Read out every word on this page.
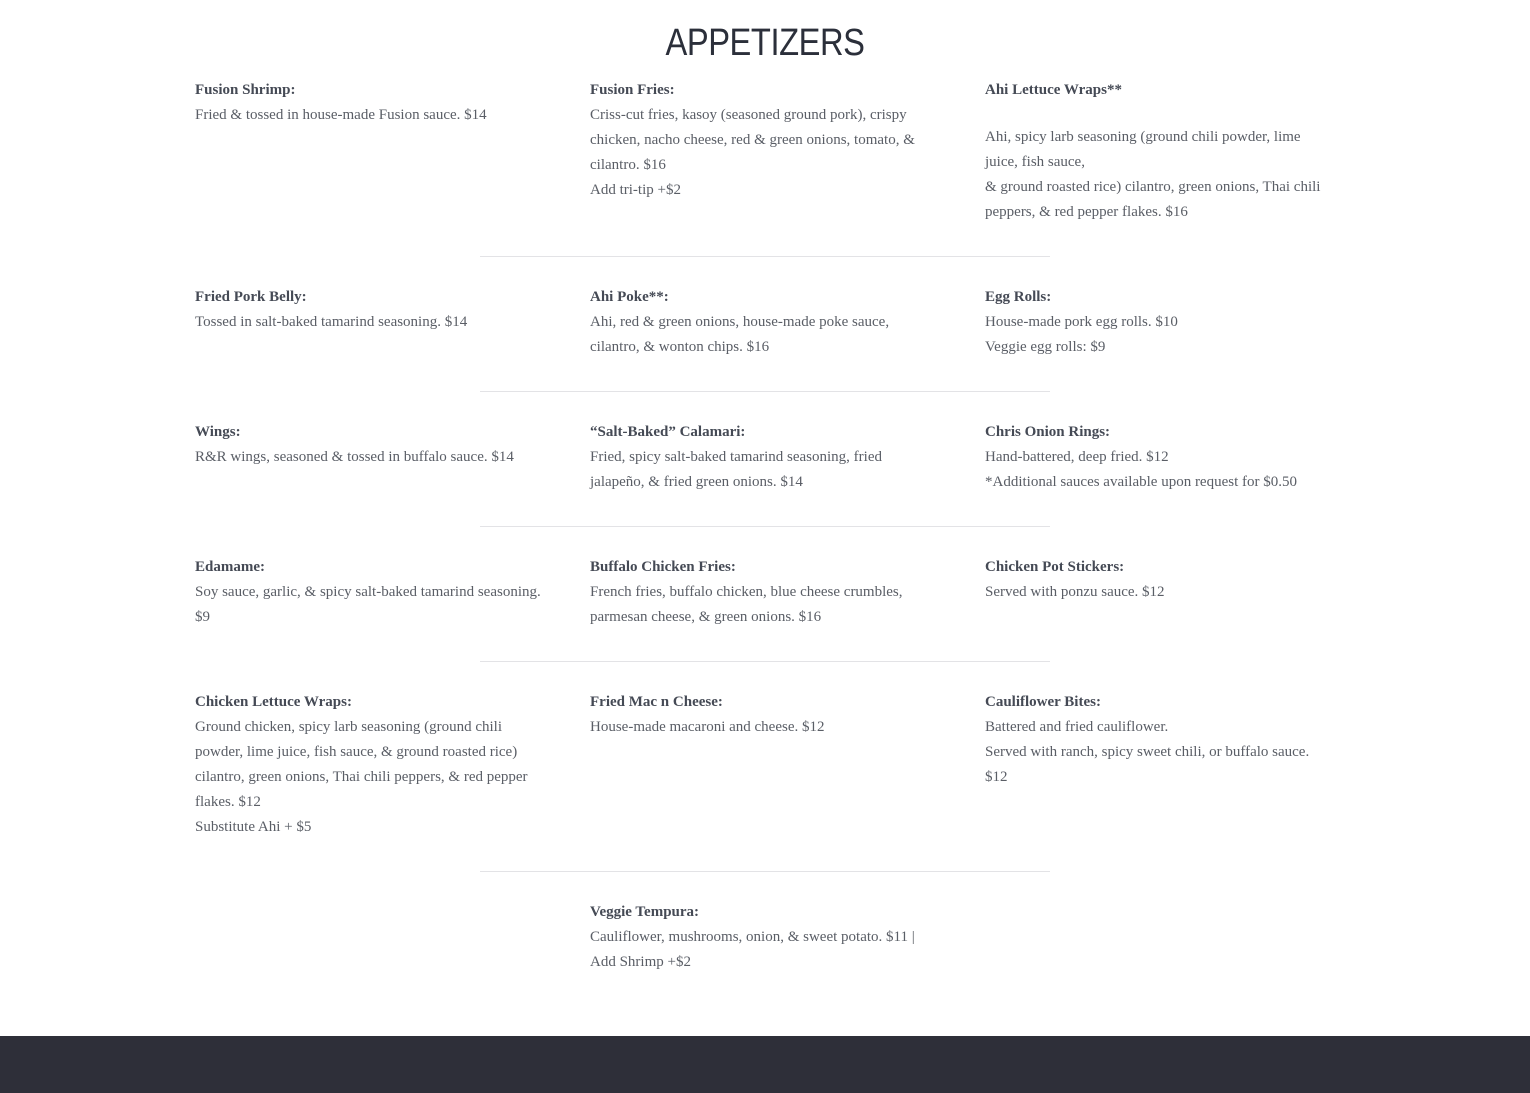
APPETIZERS

Fusion Shrimp:

Fried & tossed in house-made Fusion sauce. $14

Fusion Fries:

Criss-cut fries, kasoy (seasoned ground pork), crispy

chicken, nacho cheese, red & green onions, tomato, &

cilantro. $16

Add tri-tip +$2

Ahi Lettuce Wraps**

Ahi, spicy larb seasoning (ground chili powder, lime

juice, fish sauce,

& ground roasted rice) cilantro, green onions, Thai chili

peppers, & red pepper flakes. $16

Fried Pork Belly:

Tossed in salt-baked tamarind seasoning. $14

Ahi Poke**:

Ahi, red & green onions, house-made poke sauce,

cilantro, & wonton chips. $16

Egg Rolls:

House-made pork egg rolls. $10

Veggie egg rolls: $9

Wings:

R&R wings, seasoned & tossed in buffalo sauce. $14

“Salt-Baked” Calamari:

Fried, spicy salt-baked tamarind seasoning, fried

jalapeño, & fried green onions. $14

Chris Onion Rings:

Hand-battered, deep fried. $12

*Additional sauces available upon request for $0.50

Edamame:

Soy sauce, garlic, & spicy salt-baked tamarind seasoning.

$9

Buffalo Chicken Fries:

French fries, buffalo chicken, blue cheese crumbles,

parmesan cheese, & green onions. $16

Chicken Pot Stickers:

Served with ponzu sauce. $12

Chicken Lettuce Wraps:

Ground chicken, spicy larb seasoning (ground chili

powder, lime juice, fish sauce, & ground roasted rice)

cilantro, green onions, Thai chili peppers, & red pepper

flakes. $12

Substitute Ahi + $5

Fried Mac n Cheese:

House-made macaroni and cheese. $12

Cauliflower Bites:

Battered and fried cauliflower.

Served with ranch, spicy sweet chili, or buffalo sauce.

$12

Veggie Tempura:

Cauliflower, mushrooms, onion, & sweet potato. $11 |

Add Shrimp +$2
